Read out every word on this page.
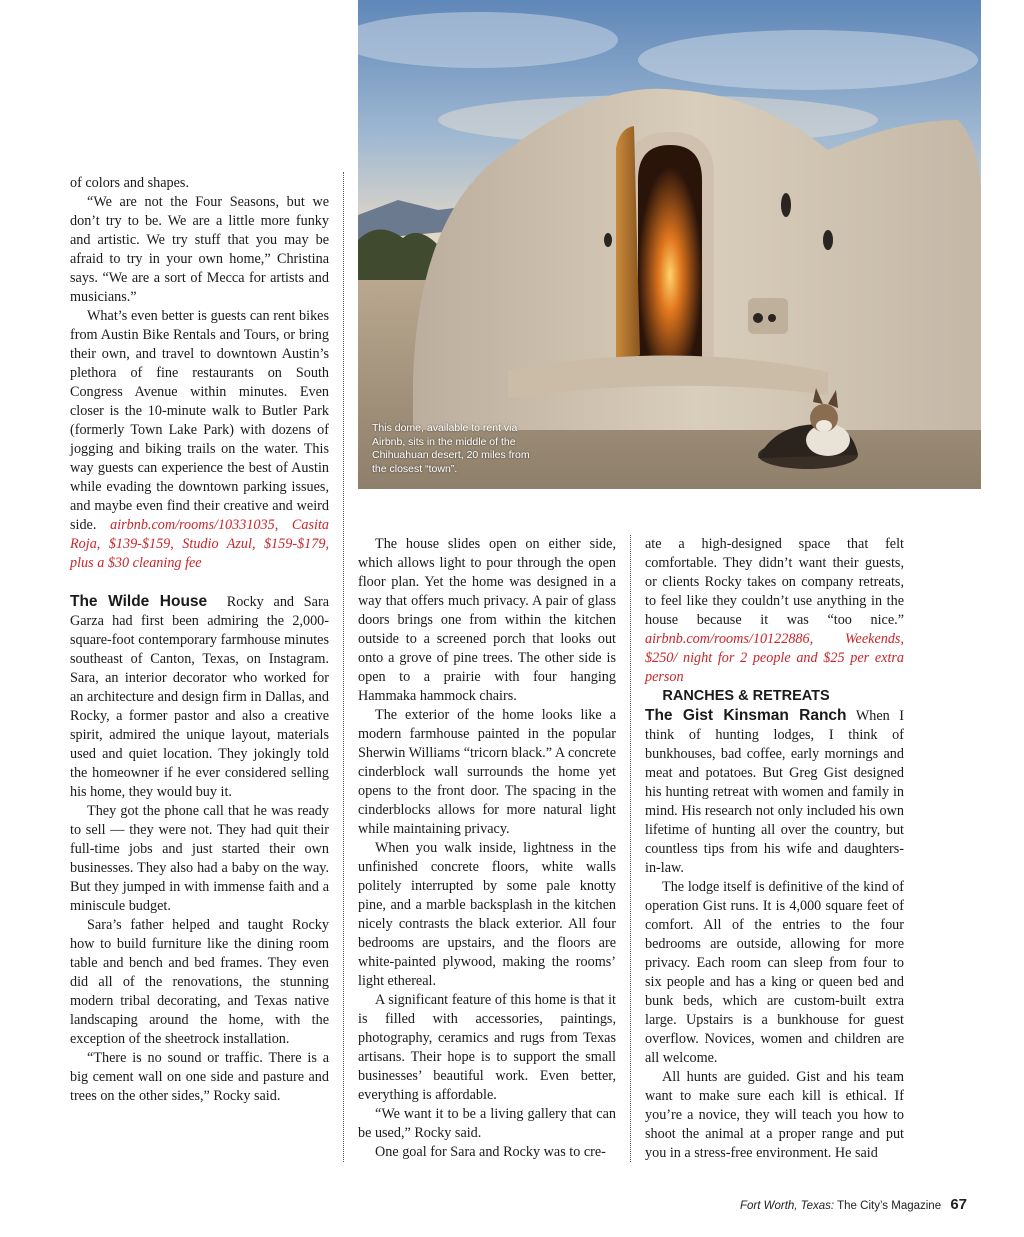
This dome, available to rent via Airbnb, sits in the middle of the Chihuahuan desert, 20 miles from the closest “town”.

of colors and shapes.

“We are not the Four Seasons, but we don’t try to be. We are a little more funky and artistic. We try stuff that you may be afraid to try in your own home,” Christina says. “We are a sort of Mecca for artists and musicians.”

What’s even better is guests can rent bikes from Austin Bike Rentals and Tours, or bring their own, and travel to downtown Austin’s plethora of fine restaurants on South Congress Avenue within minutes. Even closer is the 10-minute walk to Butler Park (formerly Town Lake Park) with dozens of jogging and biking trails on the water. This way guests can experience the best of Austin while evading the downtown parking issues, and maybe even find their creative and weird side. airbnb.com/rooms/10331035, Casita Roja, $139-$159, Studio Azul, $159-$179, plus a $30 cleaning fee

The Wilde House Rocky and Sara Garza had first been admiring the 2,000-square-foot contemporary farmhouse minutes southeast of Canton, Texas, on Instagram. Sara, an interior decorator who worked for an architecture and design firm in Dallas, and Rocky, a former pastor and also a creative spirit, admired the unique layout, materials used and quiet location. They jokingly told the homeowner if he ever considered selling his home, they would buy it.

They got the phone call that he was ready to sell — they were not. They had quit their full-time jobs and just started their own businesses. They also had a baby on the way. But they jumped in with immense faith and a miniscule budget.

Sara’s father helped and taught Rocky how to build furniture like the dining room table and bench and bed frames. They even did all of the renovations, the stunning modern tribal decorating, and Texas native landscaping around the home, with the exception of the sheetrock installation.

“There is no sound or traffic. There is a big cement wall on one side and pasture and trees on the other sides,” Rocky said.

The house slides open on either side, which allows light to pour through the open floor plan. Yet the home was designed in a way that offers much privacy. A pair of glass doors brings one from within the kitchen outside to a screened porch that looks out onto a grove of pine trees. The other side is open to a prairie with four hanging Hammaka hammock chairs.

The exterior of the home looks like a modern farmhouse painted in the popular Sherwin Williams “tricorn black.” A concrete cinderblock wall surrounds the home yet opens to the front door. The spacing in the cinderblocks allows for more natural light while maintaining privacy.

When you walk inside, lightness in the unfinished concrete floors, white walls politely interrupted by some pale knotty pine, and a marble backsplash in the kitchen nicely contrasts the black exterior. All four bedrooms are upstairs, and the floors are white-painted plywood, making the rooms’ light ethereal.

A significant feature of this home is that it is filled with accessories, paintings, photography, ceramics and rugs from Texas artisans. Their hope is to support the small businesses’ beautiful work. Even better, everything is affordable.

“We want it to be a living gallery that can be used,” Rocky said.

One goal for Sara and Rocky was to cre-

ate a high-designed space that felt comfortable. They didn’t want their guests, or clients Rocky takes on company retreats, to feel like they couldn’t use anything in the house because it was “too nice.” airbnb.com/rooms/10122886, Weekends, $250/ night for 2 people and $25 per extra person

RANCHES & RETREATS

The Gist Kinsman Ranch When I think of hunting lodges, I think of bunkhouses, bad coffee, early mornings and meat and potatoes. But Greg Gist designed his hunting retreat with women and family in mind. His research not only included his own lifetime of hunting all over the country, but countless tips from his wife and daughters-in-law.

The lodge itself is definitive of the kind of operation Gist runs. It is 4,000 square feet of comfort. All of the entries to the four bedrooms are outside, allowing for more privacy. Each room can sleep from four to six people and has a king or queen bed and bunk beds, which are custom-built extra large. Upstairs is a bunkhouse for guest overflow. Novices, women and children are all welcome.

All hunts are guided. Gist and his team want to make sure each kill is ethical. If you’re a novice, they will teach you how to shoot the animal at a proper range and put you in a stress-free environment. He said

Fort Worth, Texas: The City’s Magazine 67
